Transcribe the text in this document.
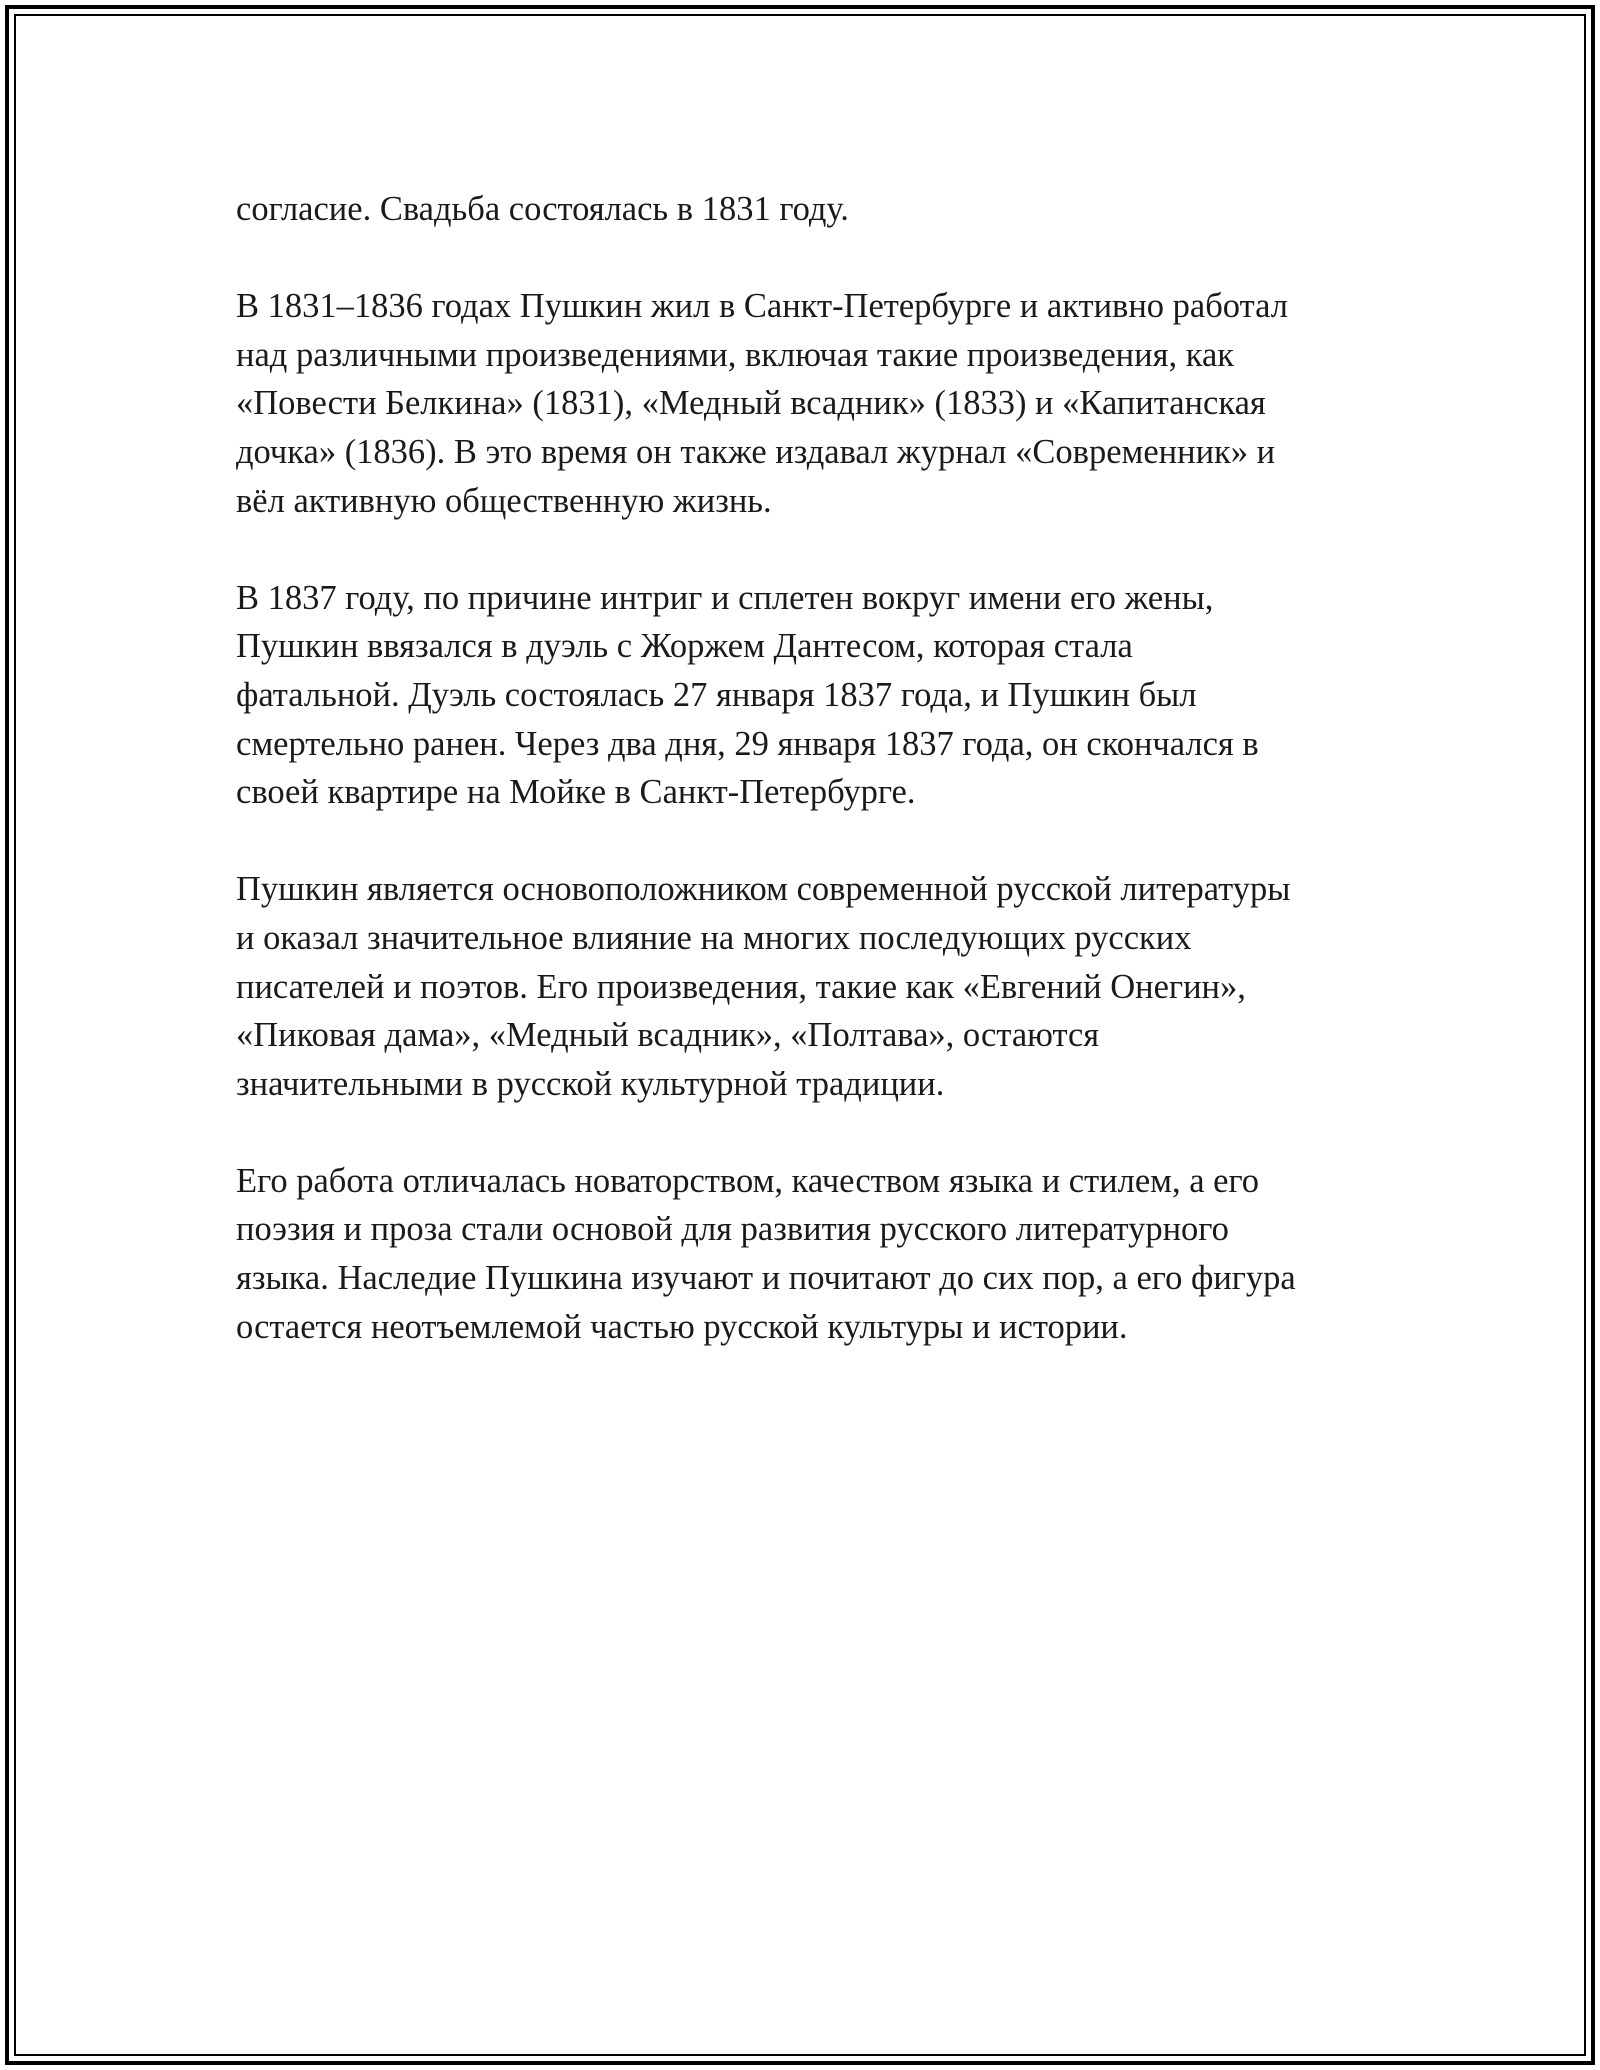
согласие. Свадьба состоялась в 1831 году.

В 1831–1836 годах Пушкин жил в Санкт-Петербурге и активно работал
над различными произведениями, включая такие произведения, как
«Повести Белкина» (1831), «Медный всадник» (1833) и «Капитанская
дочка» (1836). В это время он также издавал журнал «Современник» и
вёл активную общественную жизнь.

В 1837 году, по причине интриг и сплетен вокруг имени его жены,
Пушкин ввязался в дуэль с Жоржем Дантесом, которая стала
фатальной. Дуэль состоялась 27 января 1837 года, и Пушкин был
смертельно ранен. Через два дня, 29 января 1837 года, он скончался в
своей квартире на Мойке в Санкт-Петербурге.

Пушкин является основоположником современной русской литературы
и оказал значительное влияние на многих последующих русских
писателей и поэтов. Его произведения, такие как «Евгений Онегин»,
«Пиковая дама», «Медный всадник», «Полтава», остаются
значительными в русской культурной традиции.

Его работа отличалась новаторством, качеством языка и стилем, а его
поэзия и проза стали основой для развития русского литературного
языка. Наследие Пушкина изучают и почитают до сих пор, а его фигура
остается неотъемлемой частью русской культуры и истории.
